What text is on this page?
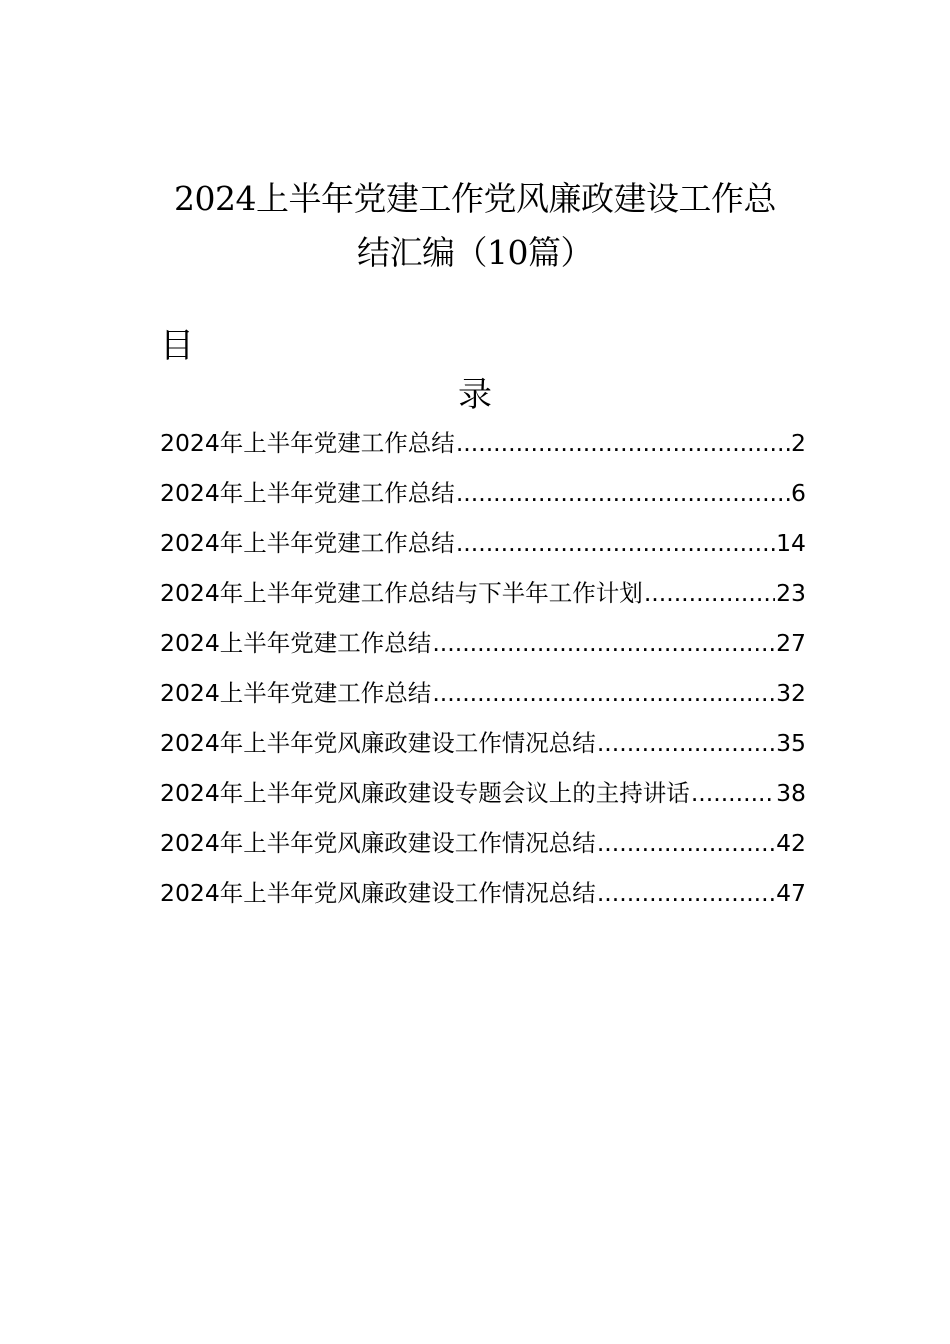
2024上半年党建工作党风廉政建设工作总
结汇编（10篇）
目
录
2024年上半年党建工作总结 .....	2
2024年上半年党建工作总结 .....	6
2024年上半年党建工作总结 .....	14
2024年上半年党建工作总结与下半年工作计划 .....	23
2024上半年党建工作总结 .....	27
2024上半年党建工作总结 .....	32
2024年上半年党风廉政建设工作情况总结 .....	35
2024年上半年党风廉政建设专题会议上的主持讲话 .....	38
2024年上半年党风廉政建设工作情况总结 .....	42
2024年上半年党风廉政建设工作情况总结 .....	47
